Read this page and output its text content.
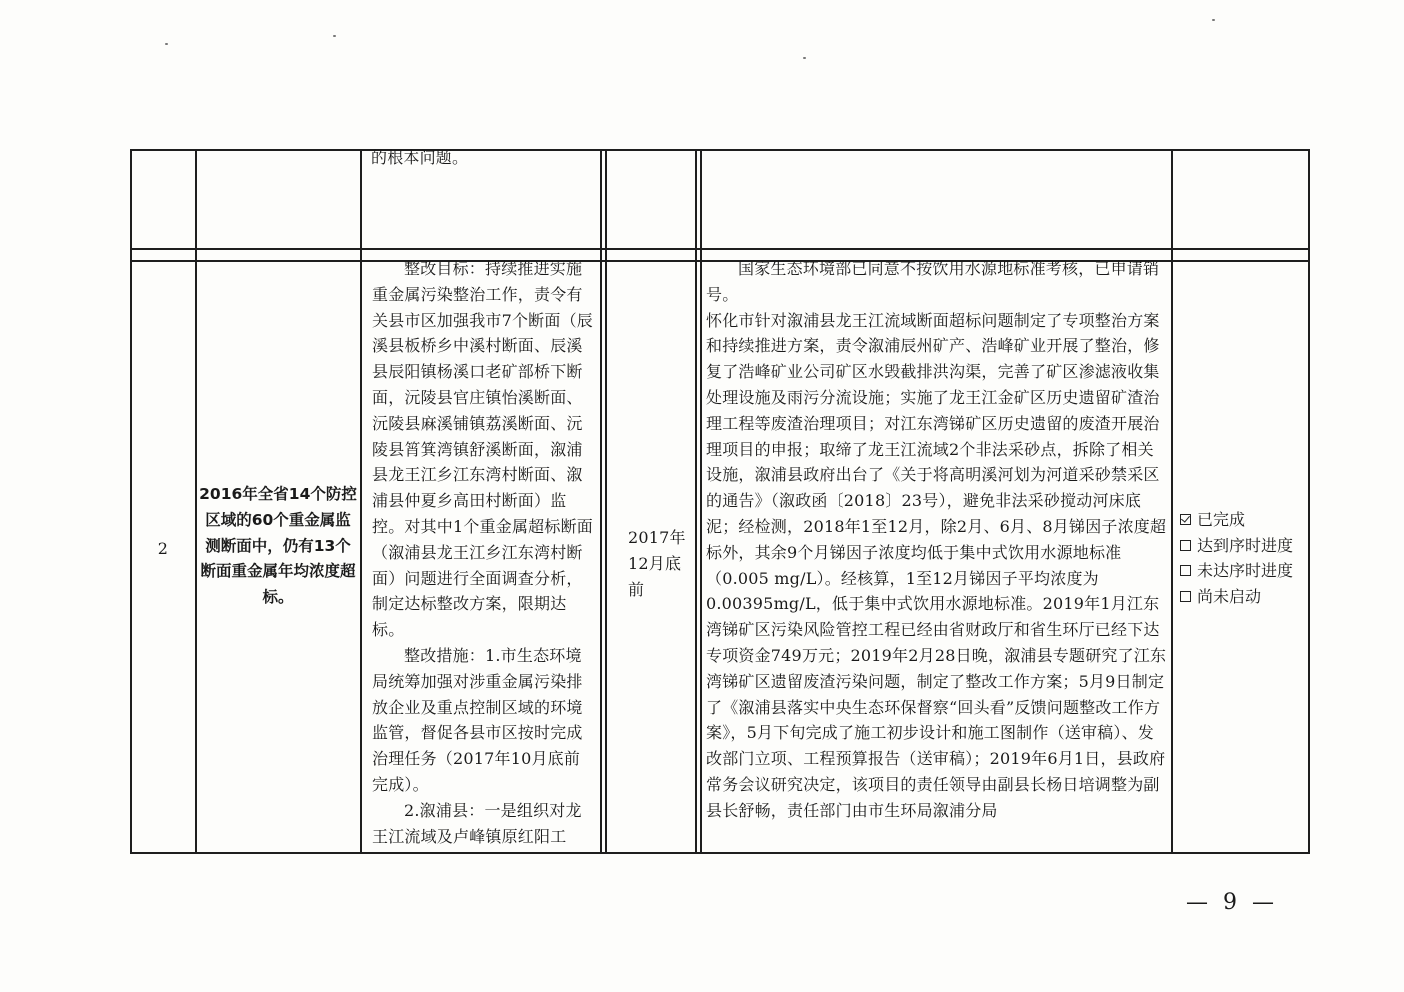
的根本问题。
2
2016年全省14个防控区域的60个重金属监测断面中，仍有13个断面重金属年均浓度超标。
整改目标：持续推进实施重金属污染整治工作，责令有关县市区加强我市7个断面（辰溪县板桥乡中溪村断面、辰溪县辰阳镇杨溪口老矿部桥下断面，沅陵县官庄镇怡溪断面、沅陵县麻溪铺镇荔溪断面、沅陵县筲箕湾镇舒溪断面，溆浦县龙王江乡江东湾村断面、溆浦县仲夏乡高田村断面）监控。对其中1个重金属超标断面（溆浦县龙王江乡江东湾村断面）问题进行全面调查分析，制定达标整改方案，限期达标。
整改措施：1.市生态环境局统筹加强对涉重金属污染排放企业及重点控制区域的环境监管，督促各县市区按时完成治理任务（2017年10月底前完成）。
2.溆浦县：一是组织对龙王江流域及卢峰镇原红阳工
2017年12月底前
国家生态环境部已同意不按饮用水源地标准考核，已申请销号。
怀化市针对溆浦县龙王江流域断面超标问题制定了专项整治方案和持续推进方案，责令溆浦辰州矿产、浩峰矿业开展了整治，修复了浩峰矿业公司矿区水毁截排洪沟渠，完善了矿区渗滤液收集处理设施及雨污分流设施；实施了龙王江金矿区历史遗留矿渣治理工程等废渣治理项目；对江东湾锑矿区历史遗留的废渣开展治理项目的申报；取缔了龙王江流域2个非法采砂点，拆除了相关设施，溆浦县政府出台了《关于将高明溪河划为河道采砂禁采区的通告》（溆政函〔2018〕23号），避免非法采砂搅动河床底泥；经检测，2018年1至12月，除2月、6月、8月锑因子浓度超标外，其余9个月锑因子浓度均低于集中式饮用水源地标准（0.005 mg/L）。经核算，1至12月锑因子平均浓度为0.00395mg/L，低于集中式饮用水源地标准。2019年1月江东湾锑矿区污染风险管控工程已经由省财政厅和省生环厅已经下达专项资金749万元；2019年2月28日晚，溆浦县专题研究了江东湾锑矿区遗留废渣污染问题，制定了整改工作方案；5月9日制定了《溆浦县落实中央生态环保督察“回头看”反馈问题整改工作方案》，5月下旬完成了施工初步设计和施工图制作（送审稿）、发改部门立项、工程预算报告（送审稿）；2019年6月1日，县政府常务会议研究决定，该项目的责任领导由副县长杨日培调整为副县长舒畅，责任部门由市生环局溆浦分局
已完成
达到序时进度
未达序时进度
尚未启动
— 9 —
